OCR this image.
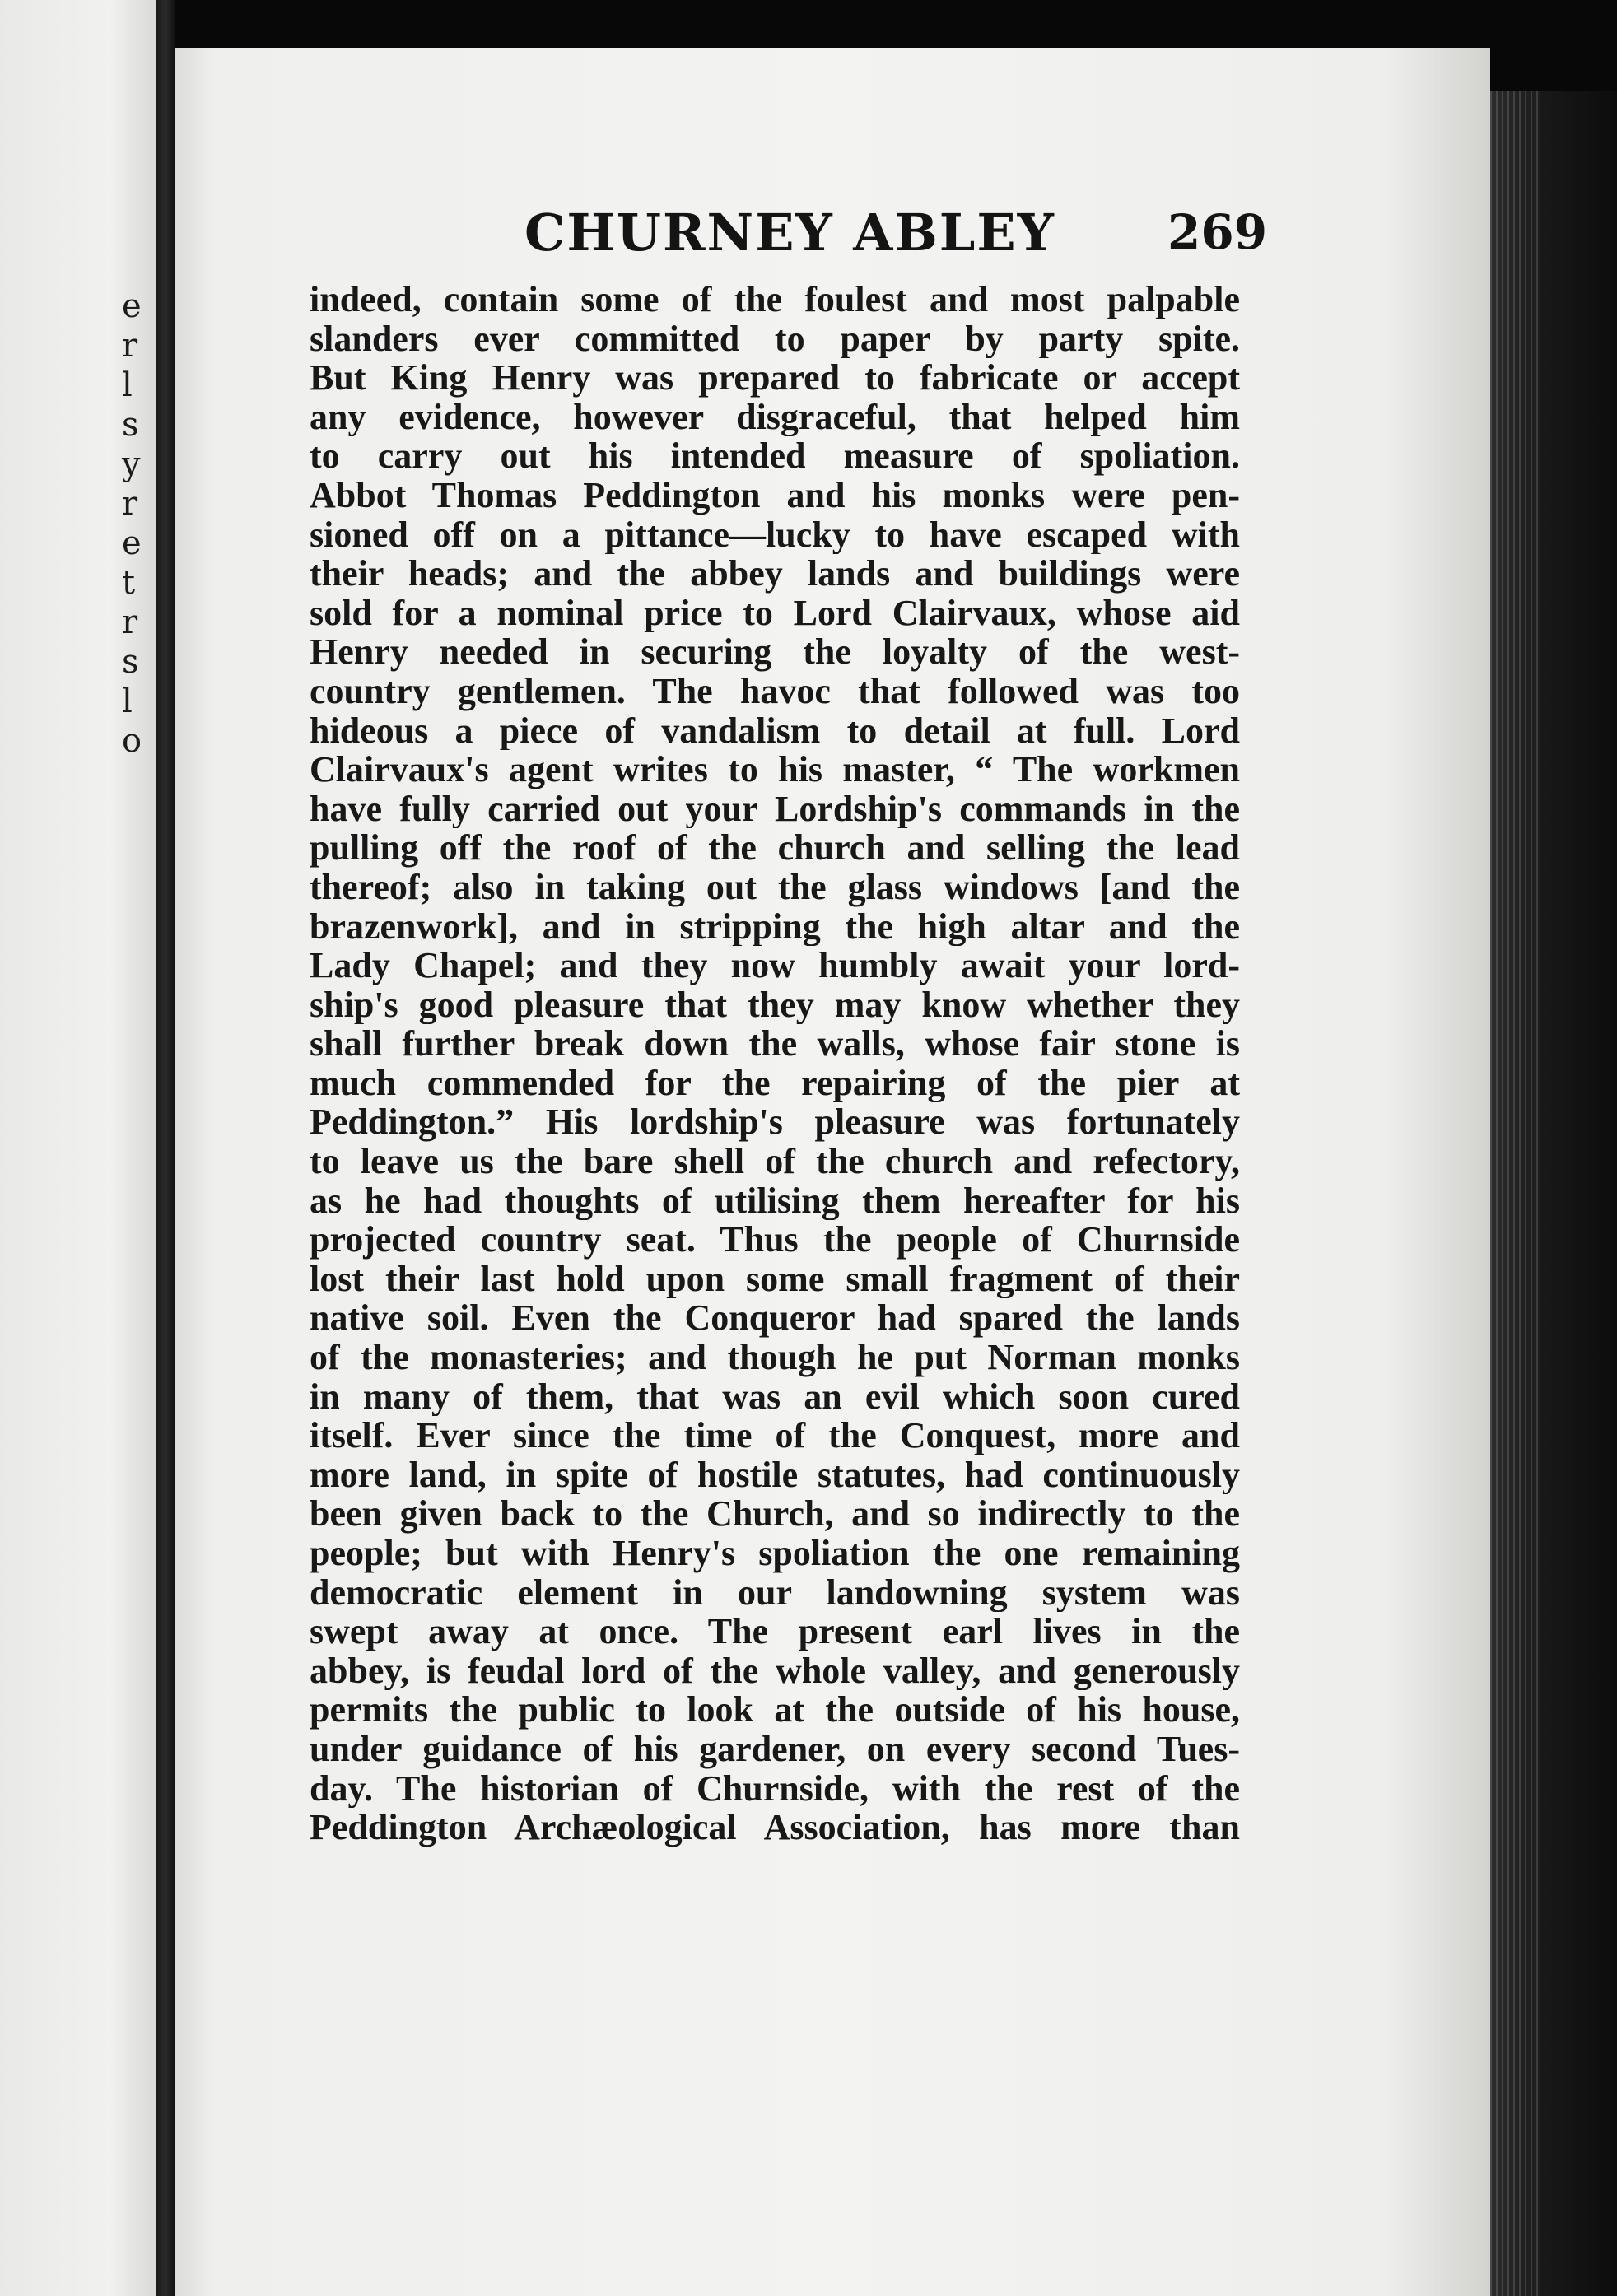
e
r
l
s
y
r
e
t
r
s
l
o
CHURNEY ABLEY 269
indeed, contain some of the foulest and most palpable
slanders ever committed to paper by party spite.
But King Henry was prepared to fabricate or accept
any evidence, however disgraceful, that helped him
to carry out his intended measure of spoliation.
Abbot Thomas Peddington and his monks were pen-
sioned off on a pittance—lucky to have escaped with
their heads; and the abbey lands and buildings were
sold for a nominal price to Lord Clairvaux, whose aid
Henry needed in securing the loyalty of the west-
country gentlemen. The havoc that followed was too
hideous a piece of vandalism to detail at full. Lord
Clairvaux's agent writes to his master, “ The workmen
have fully carried out your Lordship's commands in the
pulling off the roof of the church and selling the lead
thereof; also in taking out the glass windows [and the
brazenwork], and in stripping the high altar and the
Lady Chapel; and they now humbly await your lord-
ship's good pleasure that they may know whether they
shall further break down the walls, whose fair stone is
much commended for the repairing of the pier at
Peddington.” His lordship's pleasure was fortunately
to leave us the bare shell of the church and refectory,
as he had thoughts of utilising them hereafter for his
projected country seat. Thus the people of Churnside
lost their last hold upon some small fragment of their
native soil. Even the Conqueror had spared the lands
of the monasteries; and though he put Norman monks
in many of them, that was an evil which soon cured
itself. Ever since the time of the Conquest, more and
more land, in spite of hostile statutes, had continuously
been given back to the Church, and so indirectly to the
people; but with Henry's spoliation the one remaining
democratic element in our landowning system was
swept away at once. The present earl lives in the
abbey, is feudal lord of the whole valley, and generously
permits the public to look at the outside of his house,
under guidance of his gardener, on every second Tues-
day. The historian of Churnside, with the rest of the
Peddington Archæological Association, has more than
